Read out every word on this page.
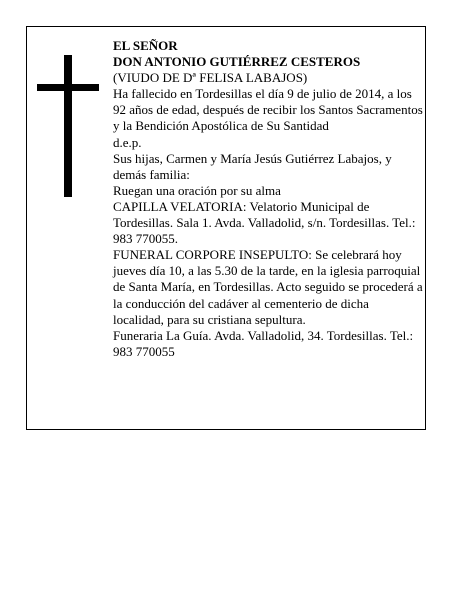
EL SEÑOR

DON ANTONIO GUTIÉRREZ CESTEROS

(VIUDO DE Dª FELISA LABAJOS)

Ha fallecido en Tordesillas el día 9 de julio de 2014, a los 92 años de edad, después de recibir los Santos Sacramentos y la Bendición Apostólica de Su Santidad

d.e.p.

Sus hijas, Carmen y María Jesús Gutiérrez Labajos, y demás familia:

Ruegan una oración por su alma

CAPILLA VELATORIA: Velatorio Municipal de Tordesillas. Sala 1. Avda. Valladolid, s/n. Tordesillas. Tel.: 983 770055.

FUNERAL CORPORE INSEPULTO: Se celebrará hoy jueves día 10, a las 5.30 de la tarde, en la iglesia parroquial de Santa María, en Tordesillas. Acto seguido se procederá a la conducción del cadáver al cementerio de dicha localidad, para su cristiana sepultura.

Funeraria La Guía. Avda. Valladolid, 34. Tordesillas. Tel.: 983 770055
